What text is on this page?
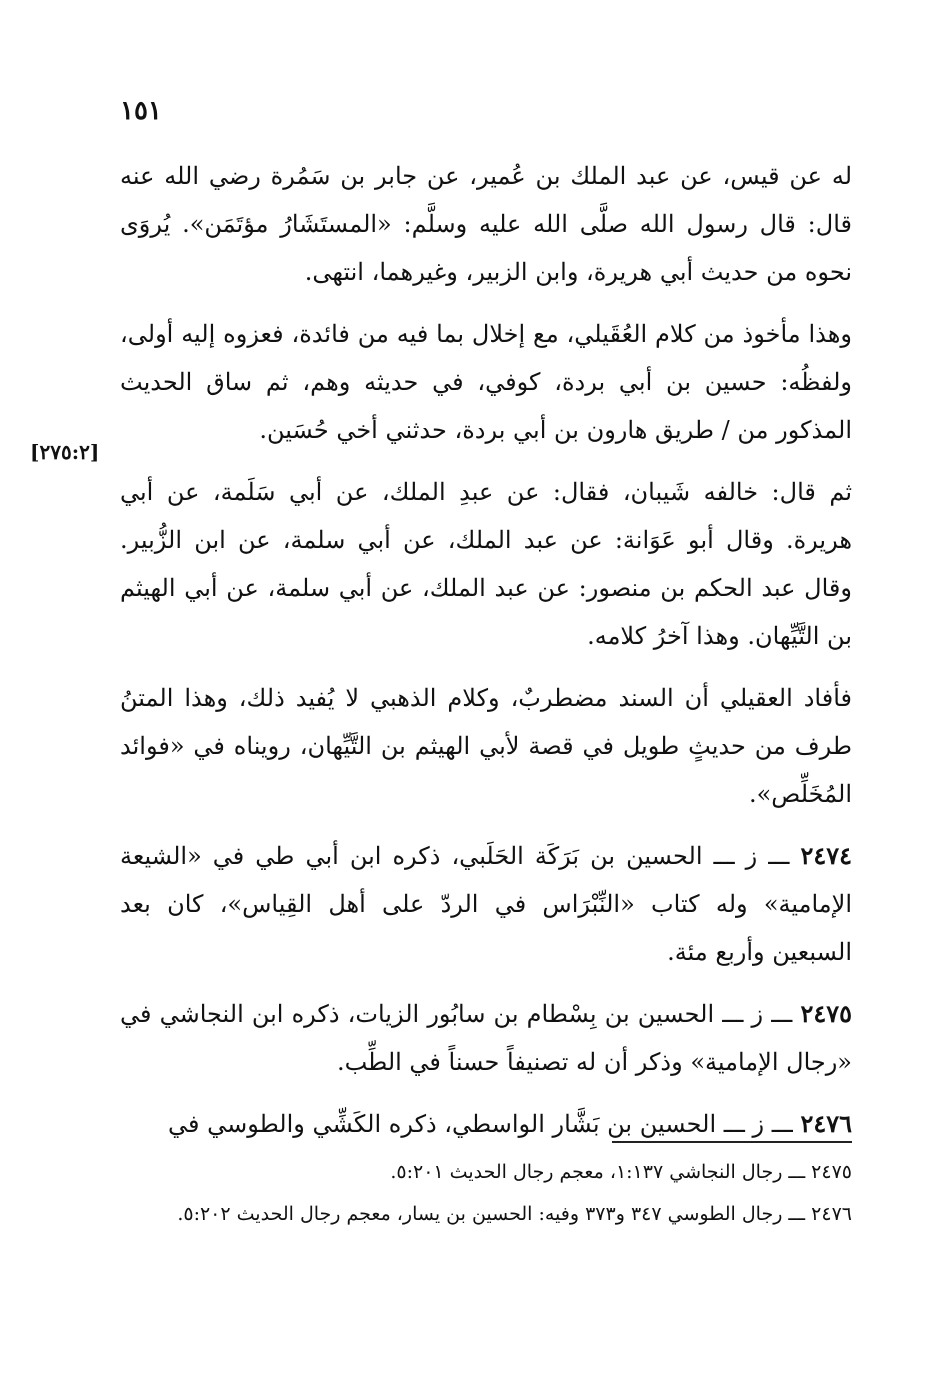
١٥١
[٢٧٥:٢]

له عن قيس، عن عبد الملك بن عُمير، عن جابر بن سَمُرة رضي الله عنه قال: قال رسول الله صلَّى الله عليه وسلَّم: «المستَشَارُ مؤتَمَن». يُروَى نحوه من حديث أبي هريرة، وابن الزبير، وغيرهما، انتهى.

وهذا مأخوذ من كلام العُقَيلي، مع إخلال بما فيه من فائدة، فعزوه إليه أولى، ولفظُه: حسين بن أبي بردة، كوفي، في حديثه وهم، ثم ساق الحديث المذكور من / طريق هارون بن أبي بردة، حدثني أخي حُسَين.

ثم قال: خالفه شَيبان، فقال: عن عبدِ الملك، عن أبي سَلَمة، عن أبي هريرة. وقال أبو عَوَانة: عن عبد الملك، عن أبي سلمة، عن ابن الزُّبير. وقال عبد الحكم بن منصور: عن عبد الملك، عن أبي سلمة، عن أبي الهيثم بن التَّيِّهان. وهذا آخرُ كلامه.

فأفاد العقيلي أن السند مضطربٌ، وكلام الذهبي لا يُفيد ذلك، وهذا المتنُ طرف من حديثٍ طويل في قصة لأبي الهيثم بن التَّيِّهان، رويناه في «فوائد المُخَلِّص».

٢٤٧٤ ـــ ز ـــ الحسين بن بَرَكَة الحَلَبي، ذكره ابن أبي طي في «الشيعة الإمامية» وله كتاب «النِّبْرَاس في الردّ على أهل القِياس»، كان بعد السبعين وأربع مئة.

٢٤٧٥ ـــ ز ـــ الحسين بن بِسْطام بن سابُور الزيات، ذكره ابن النجاشي في «رجال الإمامية» وذكر أن له تصنيفاً حسناً في الطِّب.

٢٤٧٦ ـــ ز ـــ الحسين بن بَشَّار الواسطي، ذكره الكَشِّي والطوسي في

٢٤٧٥ ـــ رجال النجاشي ١:١٣٧، معجم رجال الحديث ٥:٢٠١.

٢٤٧٦ ـــ رجال الطوسي ٣٤٧ و٣٧٣ وفيه: الحسين بن يسار، معجم رجال الحديث ٥:٢٠٢.
